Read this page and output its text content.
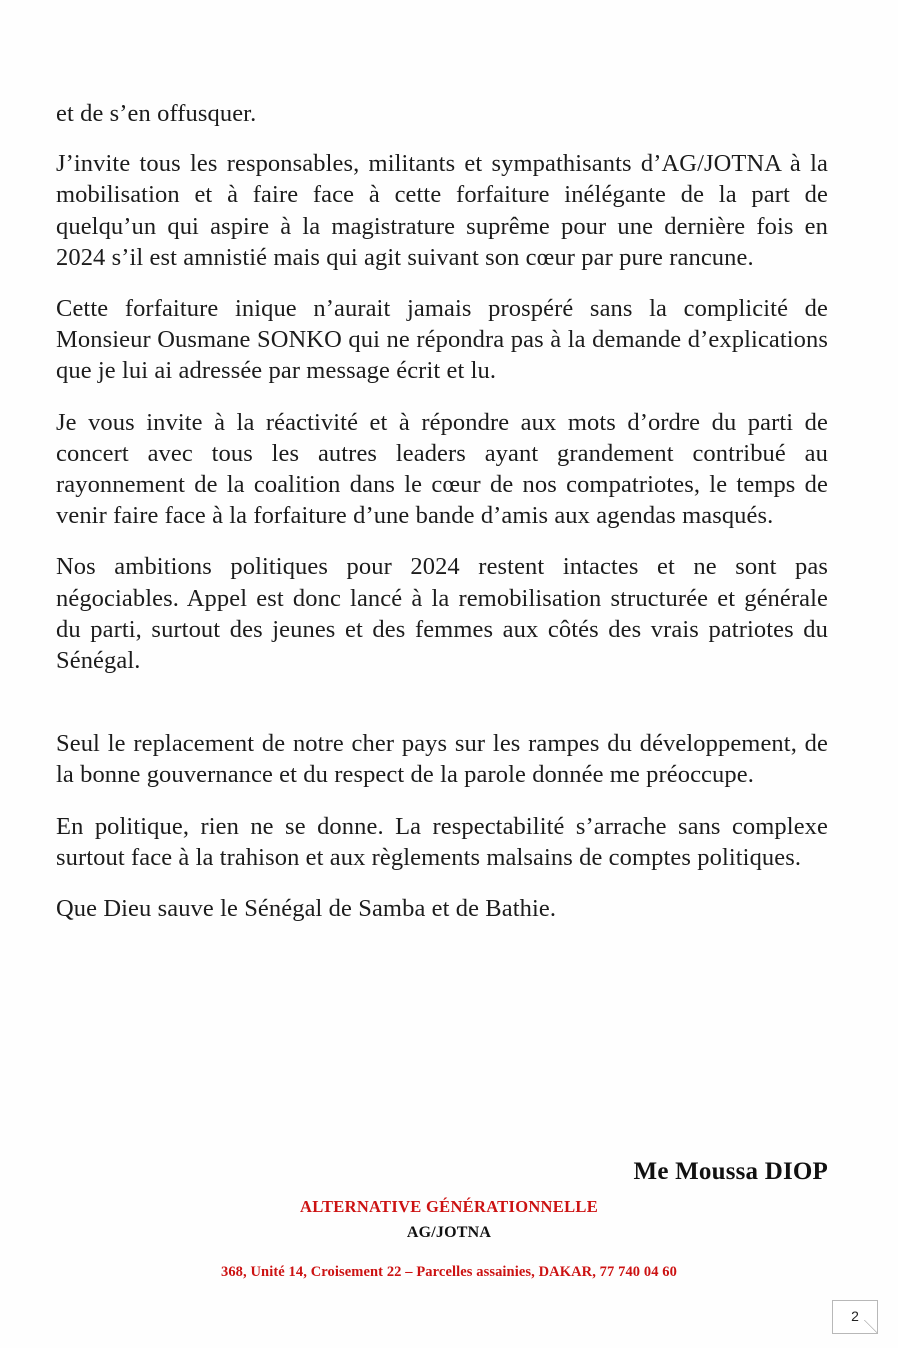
et de s’en offusquer.

J’invite tous les responsables, militants et sympathisants d’AG/JOTNA à la mobilisation et à faire face à cette forfaiture inélégante de la part de quelqu’un qui aspire à la magistrature suprême pour une dernière fois en 2024 s’il est amnistié mais qui agit suivant son cœur par pure rancune.

Cette forfaiture inique n’aurait jamais prospéré sans la complicité de Monsieur Ousmane SONKO qui ne répondra pas à la demande d’explications que je lui ai adressée par message écrit et lu.

Je vous invite à la réactivité et à répondre aux mots d’ordre du parti de concert avec tous les autres leaders ayant grandement contribué au rayonnement de la coalition dans le cœur de nos compatriotes, le temps de venir faire face à la forfaiture d’une bande d’amis aux agendas masqués.

Nos ambitions politiques pour 2024 restent intactes et ne sont pas négociables. Appel est donc lancé à la remobilisation structurée et générale du parti, surtout des jeunes et des femmes aux côtés des vrais patriotes du Sénégal.

Seul le replacement de notre cher pays sur les rampes du développement, de la bonne gouvernance et du respect de la parole donnée me préoccupe.

En politique, rien ne se donne. La respectabilité s’arrache sans complexe surtout face à la trahison et aux règlements malsains de comptes politiques.

Que Dieu sauve le Sénégal de Samba et de Bathie.

Me Moussa DIOP
ALTERNATIVE GÉNÉRATIONNELLE
AG/JOTNA
368, Unité 14, Croisement 22 – Parcelles assainies, DAKAR, 77 740 04 60
2
